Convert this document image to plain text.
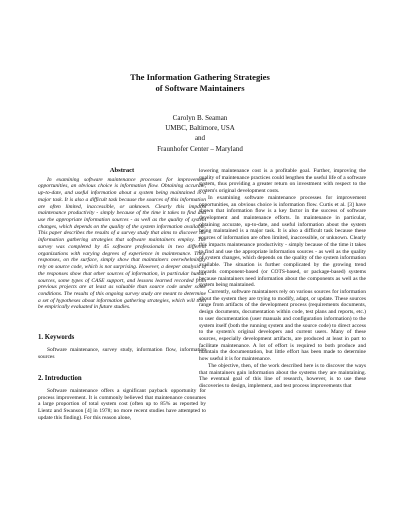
The Information Gathering Strategies
of Software Maintainers
Carolyn B. Seaman
UMBC, Baltimore, USA
and
Fraunhofer Center – Maryland
Abstract

In examining software maintenance processes for improvement opportunities, an obvious choice is information flow. Obtaining accurate, up-to-date, and useful information about a system being maintained is a major task. It is also a difficult task because the sources of this information are often limited, inaccessible, or unknown. Clearly this impacts maintenance productivity - simply because of the time it takes to find and use the appropriate information sources - as well as the quality of system changes, which depends on the quality of the system information available. This paper describes the results of a survey study that aims to discover the information gathering strategies that software maintainers employ. The survey was completed by 45 software professionals in two different organizations with varying degrees of experience in maintenance. Their responses, on the surface, simply show that maintainers overwhelmingly rely on source code, which is not surprising. However, a deeper analysis of the responses show that other sources of information, in particular human sources, some types of CASE support, and lessons learned recorded from previous projects are at least as valuable than source code under some conditions. The results of this ongoing survey study are meant to determine a set of hypotheses about information gathering strategies, which will then be empirically evaluated in future studies.

1. Keywords

Software maintenance, survey study, information flow, information sources

2. Introduction

Software maintenance offers a significant payback opportunity for process improvement. It is commonly believed that maintenance consumes a large proportion of total system cost (often up to 85% as reported by Lientz and Swanson [4] in 1978; no more recent studies have attempted to update this finding). For this reason alone,

lowering maintenance cost is a profitable goal. Further, improving the quality of maintenance practices could lengthen the useful life of a software system, thus providing a greater return on investment with respect to the system's original development costs.

In examining software maintenance processes for improvement opportunities, an obvious choice is information flow. Curtis et al. [3] have shown that information flow is a key factor in the success of software development and maintenance efforts. In maintenance in particular, obtaining accurate, up-to-date, and useful information about the system being maintained is a major task. It is also a difficult task because these sources of information are often limited, inaccessible, or unknown. Clearly this impacts maintenance productivity - simply because of the time it takes to find and use the appropriate information sources - as well as the quality of system changes, which depends on the quality of the system information available. The situation is further complicated by the growing trend towards component-based (or COTS-based, or package-based) systems because maintainers need information about the components as well as the system being maintained.

Currently, software maintainers rely on various sources for information about the system they are trying to modify, adapt, or update. These sources range from artifacts of the development process (requirements documents, design documents, documentation within code, test plans and reports, etc.) to user documentation (user manuals and configuration information) to the system itself (both the running system and the source code) to direct access to the system's original developers and current users. Many of these sources, especially development artifacts, are produced at least in part to facilitate maintenance. A lot of effort is required to both produce and maintain the documentation, but little effort has been made to determine how useful it is for maintenance.

The objective, then, of the work described here is to discover the ways that maintainers gain information about the systems they are maintaining. The eventual goal of this line of research, however, is to use these discoveries to design, implement, and test process improvements that
